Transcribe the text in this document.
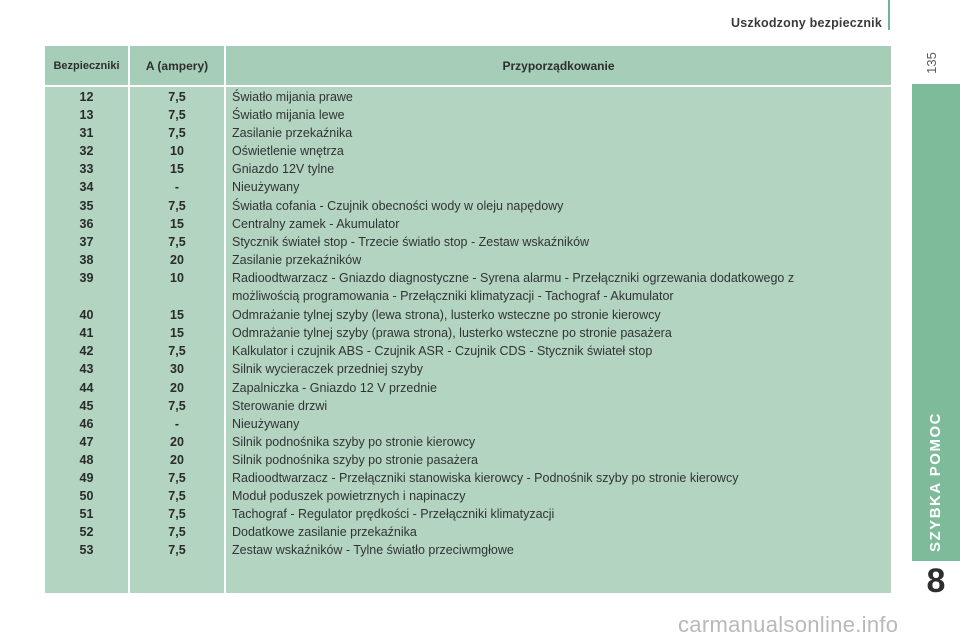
Uszkodzony bezpiecznik
135
SZYBKA POMOC
8
Bezpieczniki	A (ampery)	Przyporządkowanie
12	7,5	Światło mijania prawe
13	7,5	Światło mijania lewe
31	7,5	Zasilanie przekaźnika
32	10	Oświetlenie wnętrza
33	15	Gniazdo 12V tylne
34	-	Nieużywany
35	7,5	Światła cofania - Czujnik obecności wody w oleju napędowy
36	15	Centralny zamek - Akumulator
37	7,5	Stycznik świateł stop - Trzecie światło stop - Zestaw wskaźników
38	20	Zasilanie przekaźników
39	10	Radioodtwarzacz - Gniazdo diagnostyczne - Syrena alarmu - Przełączniki ogrzewania dodatkowego z
możliwością programowania - Przełączniki klimatyzacji - Tachograf - Akumulator
40	15	Odmrażanie tylnej szyby (lewa strona), lusterko wsteczne po stronie kierowcy
41	15	Odmrażanie tylnej szyby (prawa strona), lusterko wsteczne po stronie pasażera
42	7,5	Kalkulator i czujnik ABS - Czujnik ASR - Czujnik CDS - Stycznik świateł stop
43	30	Silnik wycieraczek przedniej szyby
44	20	Zapalniczka - Gniazdo 12 V przednie
45	7,5	Sterowanie drzwi
46	-	Nieużywany
47	20	Silnik podnośnika szyby po stronie kierowcy
48	20	Silnik podnośnika szyby po stronie pasażera
49	7,5	Radioodtwarzacz - Przełączniki stanowiska kierowcy - Podnośnik szyby po stronie kierowcy
50	7,5	Moduł poduszek powietrznych i napinaczy
51	7,5	Tachograf - Regulator prędkości - Przełączniki klimatyzacji
52	7,5	Dodatkowe zasilanie przekaźnika
53	7,5	Zestaw wskaźników - Tylne światło przeciwmgłowe
carmanualsonline.info
